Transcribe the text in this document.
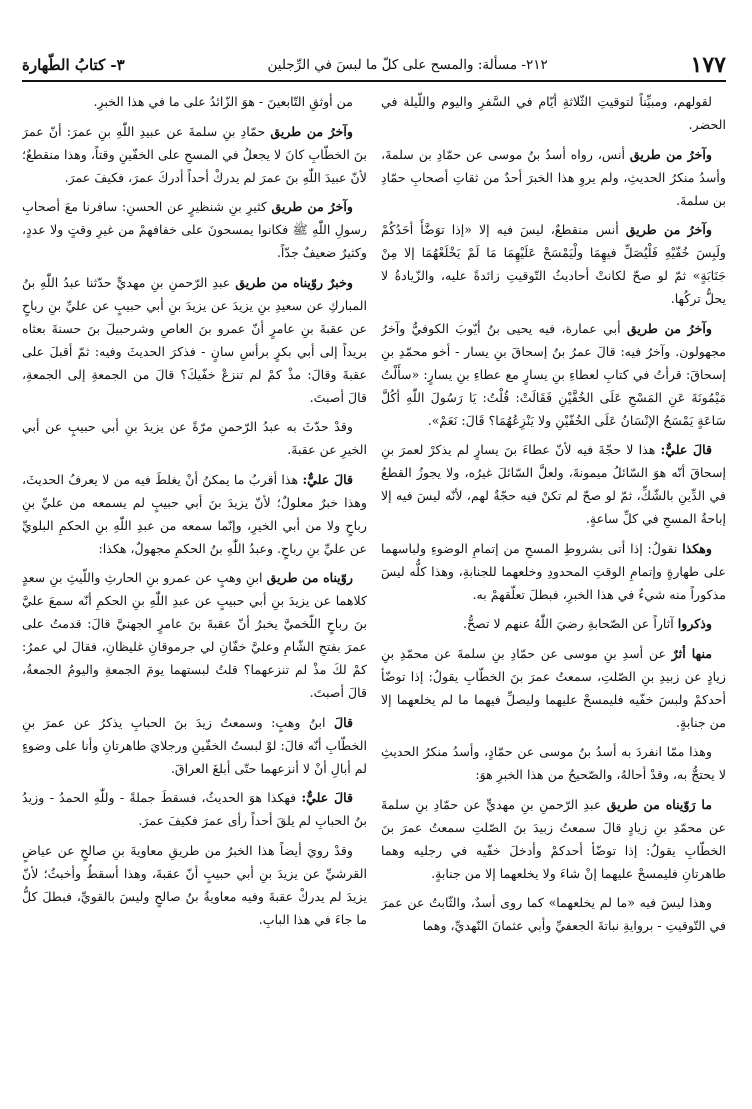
١٧٧
٢١٢- مسألة: والمسح على كلّ ما لبسَ في الرِّجلين
٣- كتابُ الطّهارة

لقولهم، ومبيِّناً لتوقيتِ الثّلاثةِ أيّام في السَّفرِ واليوم واللّيلة في الحضر.

وآخرُ من طريق أنس، رواه أسدُ بنُ موسى عن حمّادِ بن سلمةَ، وأسدُ منكرُ الحديثِ، ولم يروِ هذا الخبرَ أحدٌ من ثقاتِ أصحابِ حمّادِ بن سلمةَ.

وآخرُ من طريق أنس منقطعٌ، ليسَ فيه إلا «إذا توَضَّأَ أحَدُكُمْ ولَبِسَ خُفّيْهِ فَلْيُصَلِّ فيهِمَا ولْيَمْسَحْ عَلَيْهِمَا مَا لَمْ يَخْلَعْهُمَا إلا مِنْ جَنَابَةٍ» ثمّ لو صحّ لكانتْ أحاديثُ التّوقيتِ زائدةً عليه، والزّيادةُ لا يحلُّ تركُها.

وآخرُ من طريق أبي عمارة، فيه يحيى بنُ أيّوبَ الكوفيُّ وآخرُ مجهولون. وآخرُ فيه: قالَ عمرُ بنُ إسحاقَ بنِ يسار - أخو محمّدِ بنِ إسحاقَ: قرأتُ في كتابِ لعطاءِ بنِ يسارٍ مع عطاءِ بنِ يسارٍ: «سأَلْتُ مَيْمُونَةَ عَنِ المَسْحِ عَلَى الخُفَّيْنِ فَقَالَتْ: قُلْتُ: يَا رَسُولَ اللّٰهِ أكُلَّ سَاعَةٍ يَمْسَحُ الإنْسَانُ عَلَى الخُفّيْنِ ولا يَنْزِعُهُمَا؟ قَالَ: نَعَمْ».

قالَ عليٌّ: هذا لا حجّةَ فيه لأنّ عطاءَ بنَ يسارٍ لم يذكرْ لعمرَ بنِ إسحاقَ أنّه هوَ السّائلُ ميمونةَ، ولعلَّ السّائلَ غيرُه، ولا يجوزُ القطعُ في الدِّينِ بالشّكِّ، ثمّ لو صحّ لم تكنْ فيه حجّةٌ لهم، لأنّه ليسَ فيه إلا إباحةُ المسحِ في كلِّ ساعةٍ.

وهكذا نقولُ: إذا أتى بشروطِ المسحِ من إتمامِ الوضوءِ ولباسهما على طهارةٍ وإتمامِ الوقتِ المحدودِ وخلعهما للجنابةِ، وهذا كلُّه ليسَ مذكوراً منه شيءٌ في هذا الخبرِ، فبطلَ تعلّقهمْ به.

وذكروا آثاراً عن الصّحابةِ رضيَ اللّٰهُ عنهم لا تصحُّ.

منها أثرٌ عن أسدِ بنِ موسى عن حمّادِ بنِ سلمةَ عن محمّدِ بنِ زيادٍ عن زبيدِ بنِ الصّلتِ، سمعتُ عمرَ بنَ الخطّابِ يقولُ: إذا توضّأ أحدكمْ ولبسَ خفّيه فليمسحْ عليهما وليصلِّ فيهما ما لم يخلعهما إلا من جنابةٍ.

وهذا ممّا انفردَ به أسدُ بنُ موسى عن حمّادٍ، وأسدُ منكرُ الحديثِ لا يحتجُّ به، وقدْ أحالهُ، والصّحيحُ من هذا الخبرِ هوَ:

ما رَوّيناه من طريق عبدِ الرّحمنِ بنِ مهديٍّ عن حمّادِ بنِ سلمةَ عن محمّدِ بنِ زيادٍ قالَ سمعتُ زبيدَ بنَ الصّلتِ سمعتُ عمرَ بنَ الخطّابِ يقولُ: إذا توضّأ أحدكمْ وأدخلَ خفّيه في رجليه وهما طاهرتانِ فليمسحْ عليهما إنْ شاءَ ولا يخلعهما إلا من جنابةٍ.

وهذا ليسَ فيه «ما لم يخلعهما» كما روى أسدٌ، والثّابتُ عن عمرَ في التّوقيتِ - بروايةِ نباتةَ الجعفيِّ وأبي عثمانَ النّهديِّ، وهما

من أوثقِ التّابعينَ - هوَ الزّائدُ على ما في هذا الخبرِ.

وآخرُ من طريق حمّادِ بنِ سلمةَ عن عبيدِ اللّٰهِ بنِ عمرَ: أنّ عمرَ بنَ الخطّابِ كانَ لا يجعلُ في المسحِ على الخفّينِ وقتاً، وهذا منقطعٌ؛ لأنّ عبيدَ اللّٰهِ بنَ عمرَ لم يدركْ أحداً أدركَ عمرَ، فكيفَ عمرَ.

وآخرُ من طريق كثيرِ بنِ شنظيرٍ عن الحسنِ: سافرنا معَ أصحابِ رسولِ اللّٰهِ ﷺ فكانوا يمسحونَ على خفافهمْ من غيرِ وقتٍ ولا عددٍ، وكثيرٌ ضعيفٌ جدّاً.

وخبرٌ روّيناه من طريق عبدِ الرّحمنِ بنِ مهديٍّ حدّثنا عبدُ اللّٰهِ بنُ المباركِ عن سعيدِ بنِ يزيدَ عن يزيدَ بنِ أبي حبيبٍ عن عليِّ بنِ رباحٍ عن عقبةَ بنِ عامرٍ أنّ عمرو بنَ العاصِ وشرحبيلَ بنَ حسنةَ بعثاه بريداً إلى أبي بكرٍ برأسِ سانٍ - فذكرَ الحديثَ وفيه: ثمّ أقبلَ على عقبةَ وقالَ: مذْ كمْ لم تنزعْ خفّيكَ؟ قالَ من الجمعةِ إلى الجمعةِ، قالَ أصبتَ.

وقدْ حدّثَ به عبدُ الرّحمنِ مرّةً عن يزيدَ بنِ أبي حبيبٍ عن أبي الخيرِ عن عقبةَ.

قالَ عليٌّ: هذا أقربُ ما يمكنُ أنْ يغلطَ فيه من لا يعرفُ الحديثَ، وهذا خبرٌ معلولٌ؛ لأنّ يزيدَ بنَ أبي حبيبٍ لم يسمعه من عليِّ بنِ رباحٍ ولا من أبي الخيرِ، وإنّما سمعه من عبدِ اللّٰهِ بنِ الحكمِ البلويِّ عن عليِّ بنِ رباحٍ. وعبدُ اللّٰهِ بنُ الحكمِ مجهولٌ، هكذا:

روّيناه من طريق ابنِ وهبٍ عن عمرو بنِ الحارثِ واللّيثِ بنِ سعدٍ كلاهما عن يزيدَ بنِ أبي حبيبٍ عن عبدِ اللّٰهِ بنِ الحكمِ أنّه سمعَ عليَّ بنَ رباحٍ اللّخميَّ يخبرُ أنّ عقبةَ بنَ عامرٍ الجهنيَّ قالَ: قدمتُ على عمرَ بفتحِ الشّامِ وعليَّ خفّانِ لي جرموقانِ غليظانِ، فقالَ لي عمرُ: كمْ لكَ مذْ لم تنزعهما؟ قلتُ لبستهما يومَ الجمعةِ واليومُ الجمعةُ، قالَ أصبتَ.

قالَ ابنُ وهبٍ: وسمعتُ زيدَ بنَ الحبابِ يذكرُ عن عمرَ بنِ الخطّابِ أنّه قالَ: لوْ لبستُ الخفّينِ ورجلايَ طاهرتانِ وأنا على وضوءٍ لم أبالِ أنْ لا أنزعهما حتّى أبلغَ العراقَ.

قالَ عليٌّ: فهكذا هوَ الحديثُ، فسقطَ جملةً - وللّٰهِ الحمدُ - وزيدُ بنُ الحبابِ لم يلقَ أحداً رأى عمرَ فكيفَ عمرَ.

وقدْ رويَ أيضاً هذا الخبرُ من طريقِ معاويةَ بنِ صالحٍ عن عياضٍ القرشيِّ عن يزيدَ بنِ أبي حبيبٍ أنّ عقبةَ، وهذا أسقطُ وأخبثُ؛ لأنّ يزيدَ لم يدركْ عقبةَ وفيه معاويةُ بنُ صالحٍ وليسَ بالقويِّ، فبطلَ كلُّ ما جاءَ في هذا البابِ.
